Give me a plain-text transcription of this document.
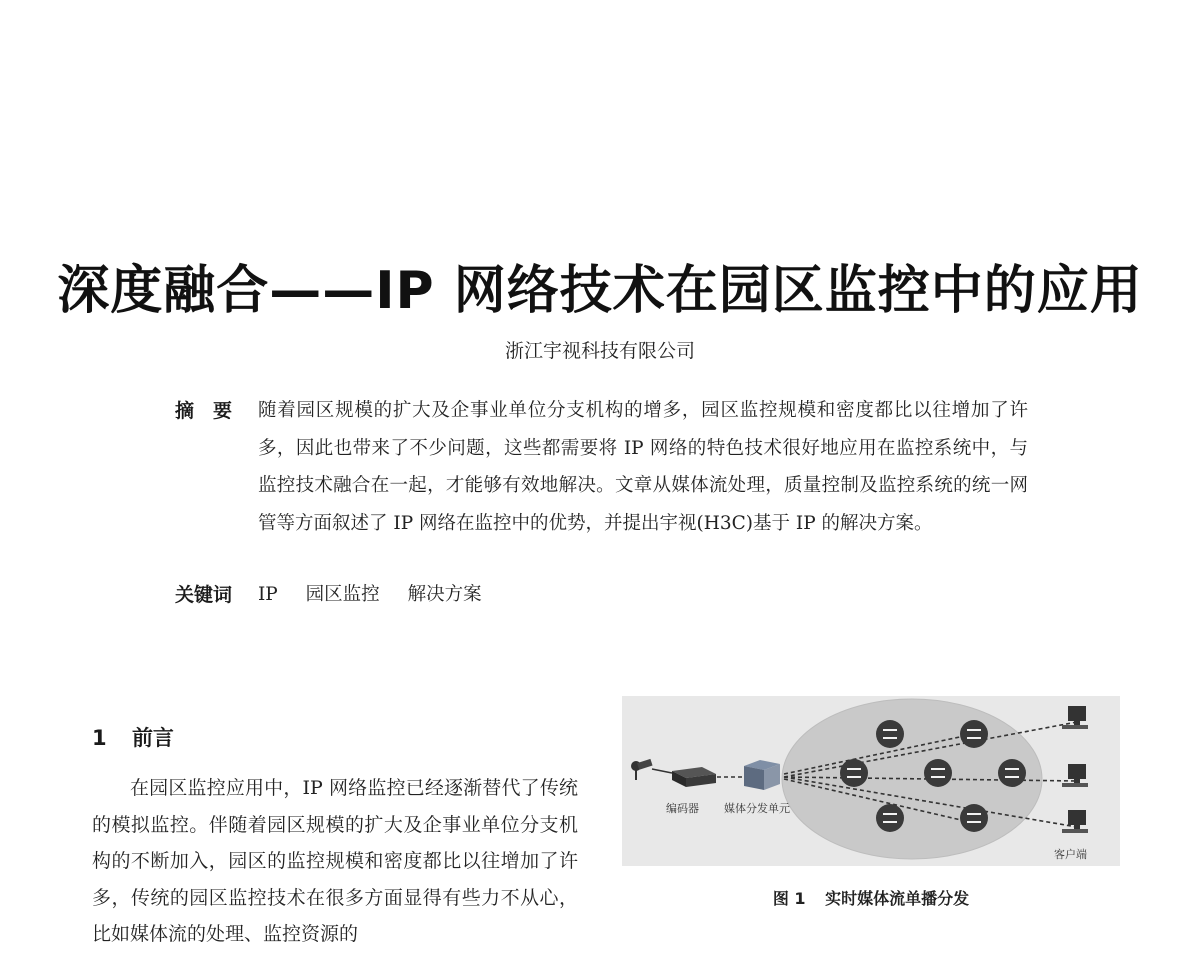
深度融合——IP 网络技术在园区监控中的应用
浙江宇视科技有限公司
摘　要 随着园区规模的扩大及企事业单位分支机构的增多，园区监控规模和密度都比以往增加了许多，因此也带来了不少问题，这些都需要将 IP 网络的特色技术很好地应用在监控系统中，与监控技术融合在一起，才能够有效地解决。文章从媒体流处理，质量控制及监控系统的统一网管等方面叙述了 IP 网络在监控中的优势，并提出宇视(H3C)基于 IP 的解决方案。
关键词 IP 园区监控 解决方案
1 前言
在园区监控应用中，IP 网络监控已经逐渐替代了传统的模拟监控。伴随着园区规模的扩大及企事业单位分支机构的不断加入，园区的监控规模和密度都比以往增加了许多，传统的园区监控技术在很多方面显得有些力不从心，比如媒体流的处理、监控资源的
编码器 媒体分发单元
客户端
图 1 实时媒体流单播分发
